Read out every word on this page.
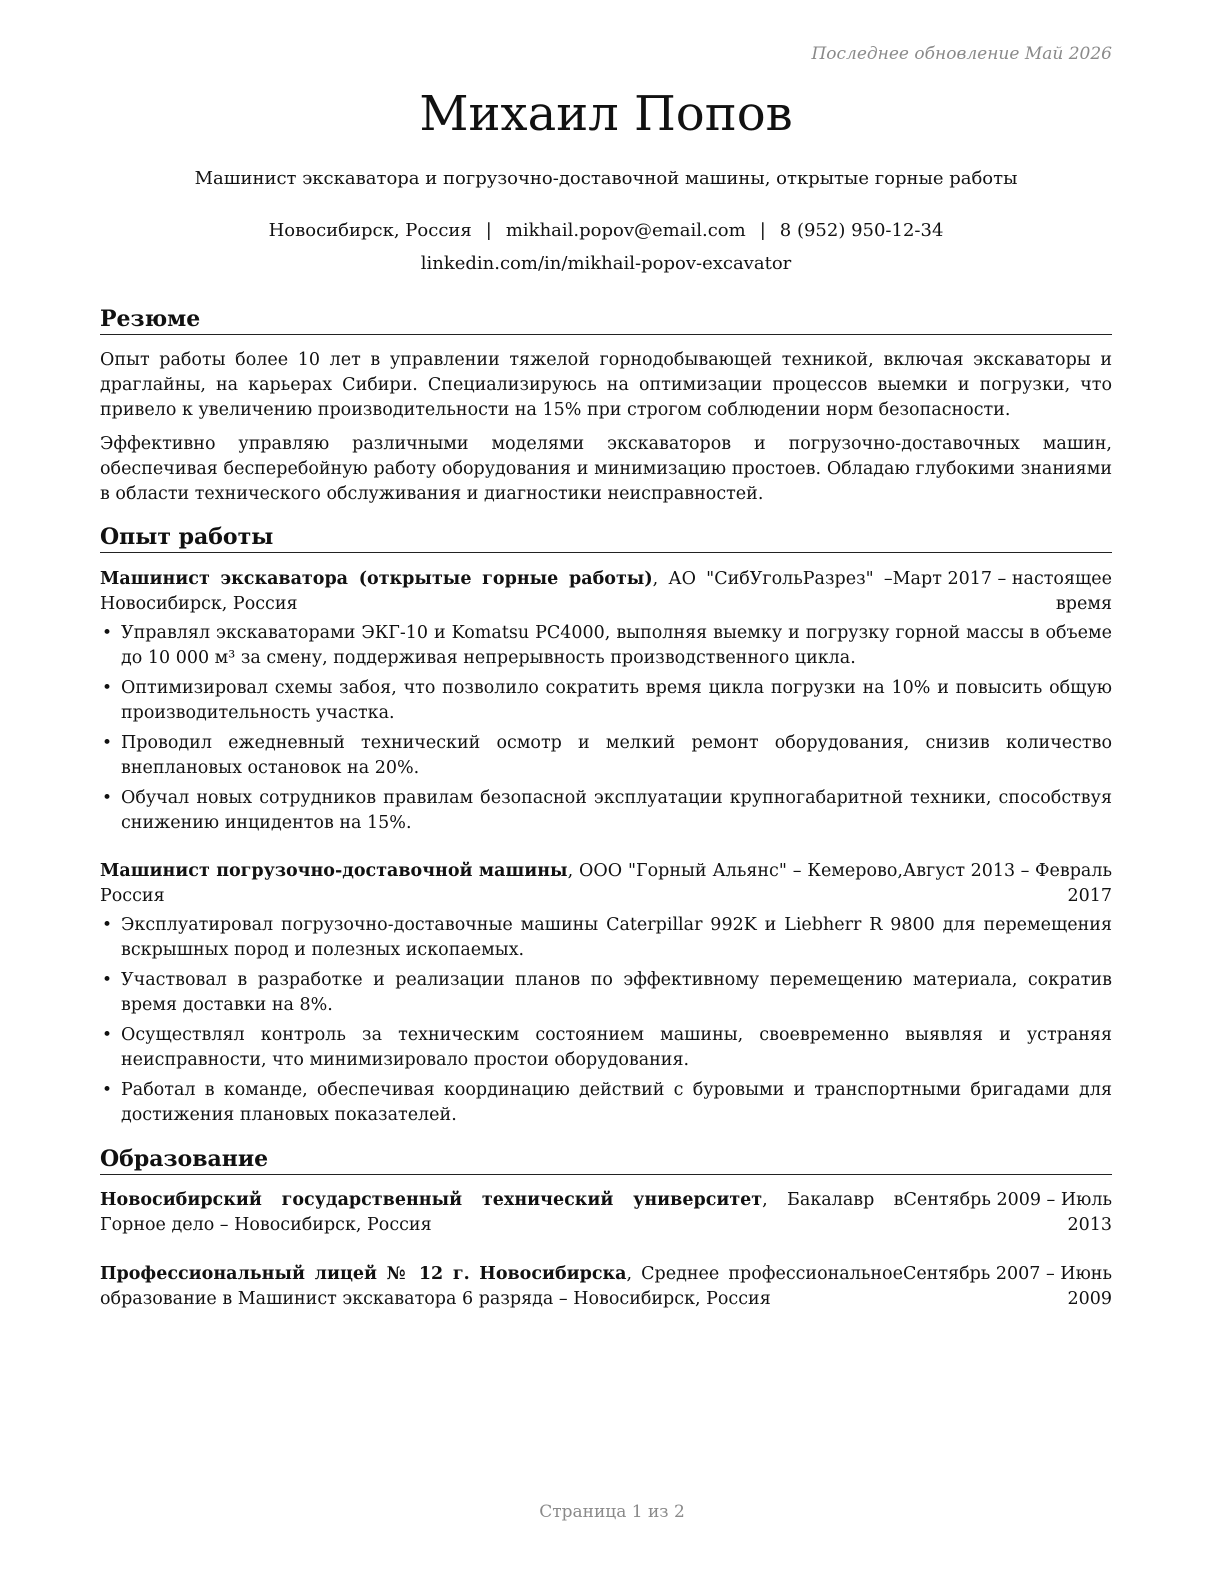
Последнее обновление Май 2026
Михаил Попов
Машинист экскаватора и погрузочно-доставочной машины, открытые горные работы
Новосибирск, Россия | mikhail.popov@email.com | 8 (952) 950-12-34
linkedin.com/in/mikhail-popov-excavator
Резюме
Опыт работы более 10 лет в управлении тяжелой горнодобывающей техникой, включая экскаваторы и драглайны, на карьерах Сибири. Специализируюсь на оптимизации процессов выемки и погрузки, что привело к увеличению производительности на 15% при строгом соблюдении норм безопасности.
Эффективно управляю различными моделями экскаваторов и погрузочно-доставочных машин, обеспечивая бесперебойную работу оборудования и минимизацию простоев. Обладаю глубокими знаниями в области технического обслуживания и диагностики неисправностей.
Опыт работы
Машинист экскаватора (открытые горные работы), АО "СибУгольРазрез" – Новосибирск, Россия
Март 2017 – настоящее
время
• Управлял экскаваторами ЭКГ-10 и Komatsu PC4000, выполняя выемку и погрузку горной массы в объеме до 10 000 м³ за смену, поддерживая непрерывность производственного цикла.
• Оптимизировал схемы забоя, что позволило сократить время цикла погрузки на 10% и повысить общую производительность участка.
• Проводил ежедневный технический осмотр и мелкий ремонт оборудования, снизив количество внеплановых остановок на 20%.
• Обучал новых сотрудников правилам безопасной эксплуатации крупногабаритной техники, способствуя снижению инцидентов на 15%.
Машинист погрузочно-доставочной машины, ООО "Горный Альянс" – Кемерово, Россия
Август 2013 – Февраль
2017
• Эксплуатировал погрузочно-доставочные машины Caterpillar 992K и Liebherr R 9800 для перемещения вскрышных пород и полезных ископаемых.
• Участвовал в разработке и реализации планов по эффективному перемещению материала, сократив время доставки на 8%.
• Осуществлял контроль за техническим состоянием машины, своевременно выявляя и устраняя неисправности, что минимизировало простои оборудования.
• Работал в команде, обеспечивая координацию действий с буровыми и транспортными бригадами для достижения плановых показателей.
Образование
Новосибирский государственный технический университет, Бакалавр в Горное дело – Новосибирск, Россия
Сентябрь 2009 – Июль
2013
Профессиональный лицей № 12 г. Новосибирска, Среднее профессиональное образование в Машинист экскаватора 6 разряда – Новосибирск, Россия
Сентябрь 2007 – Июнь
2009
Страница 1 из 2
